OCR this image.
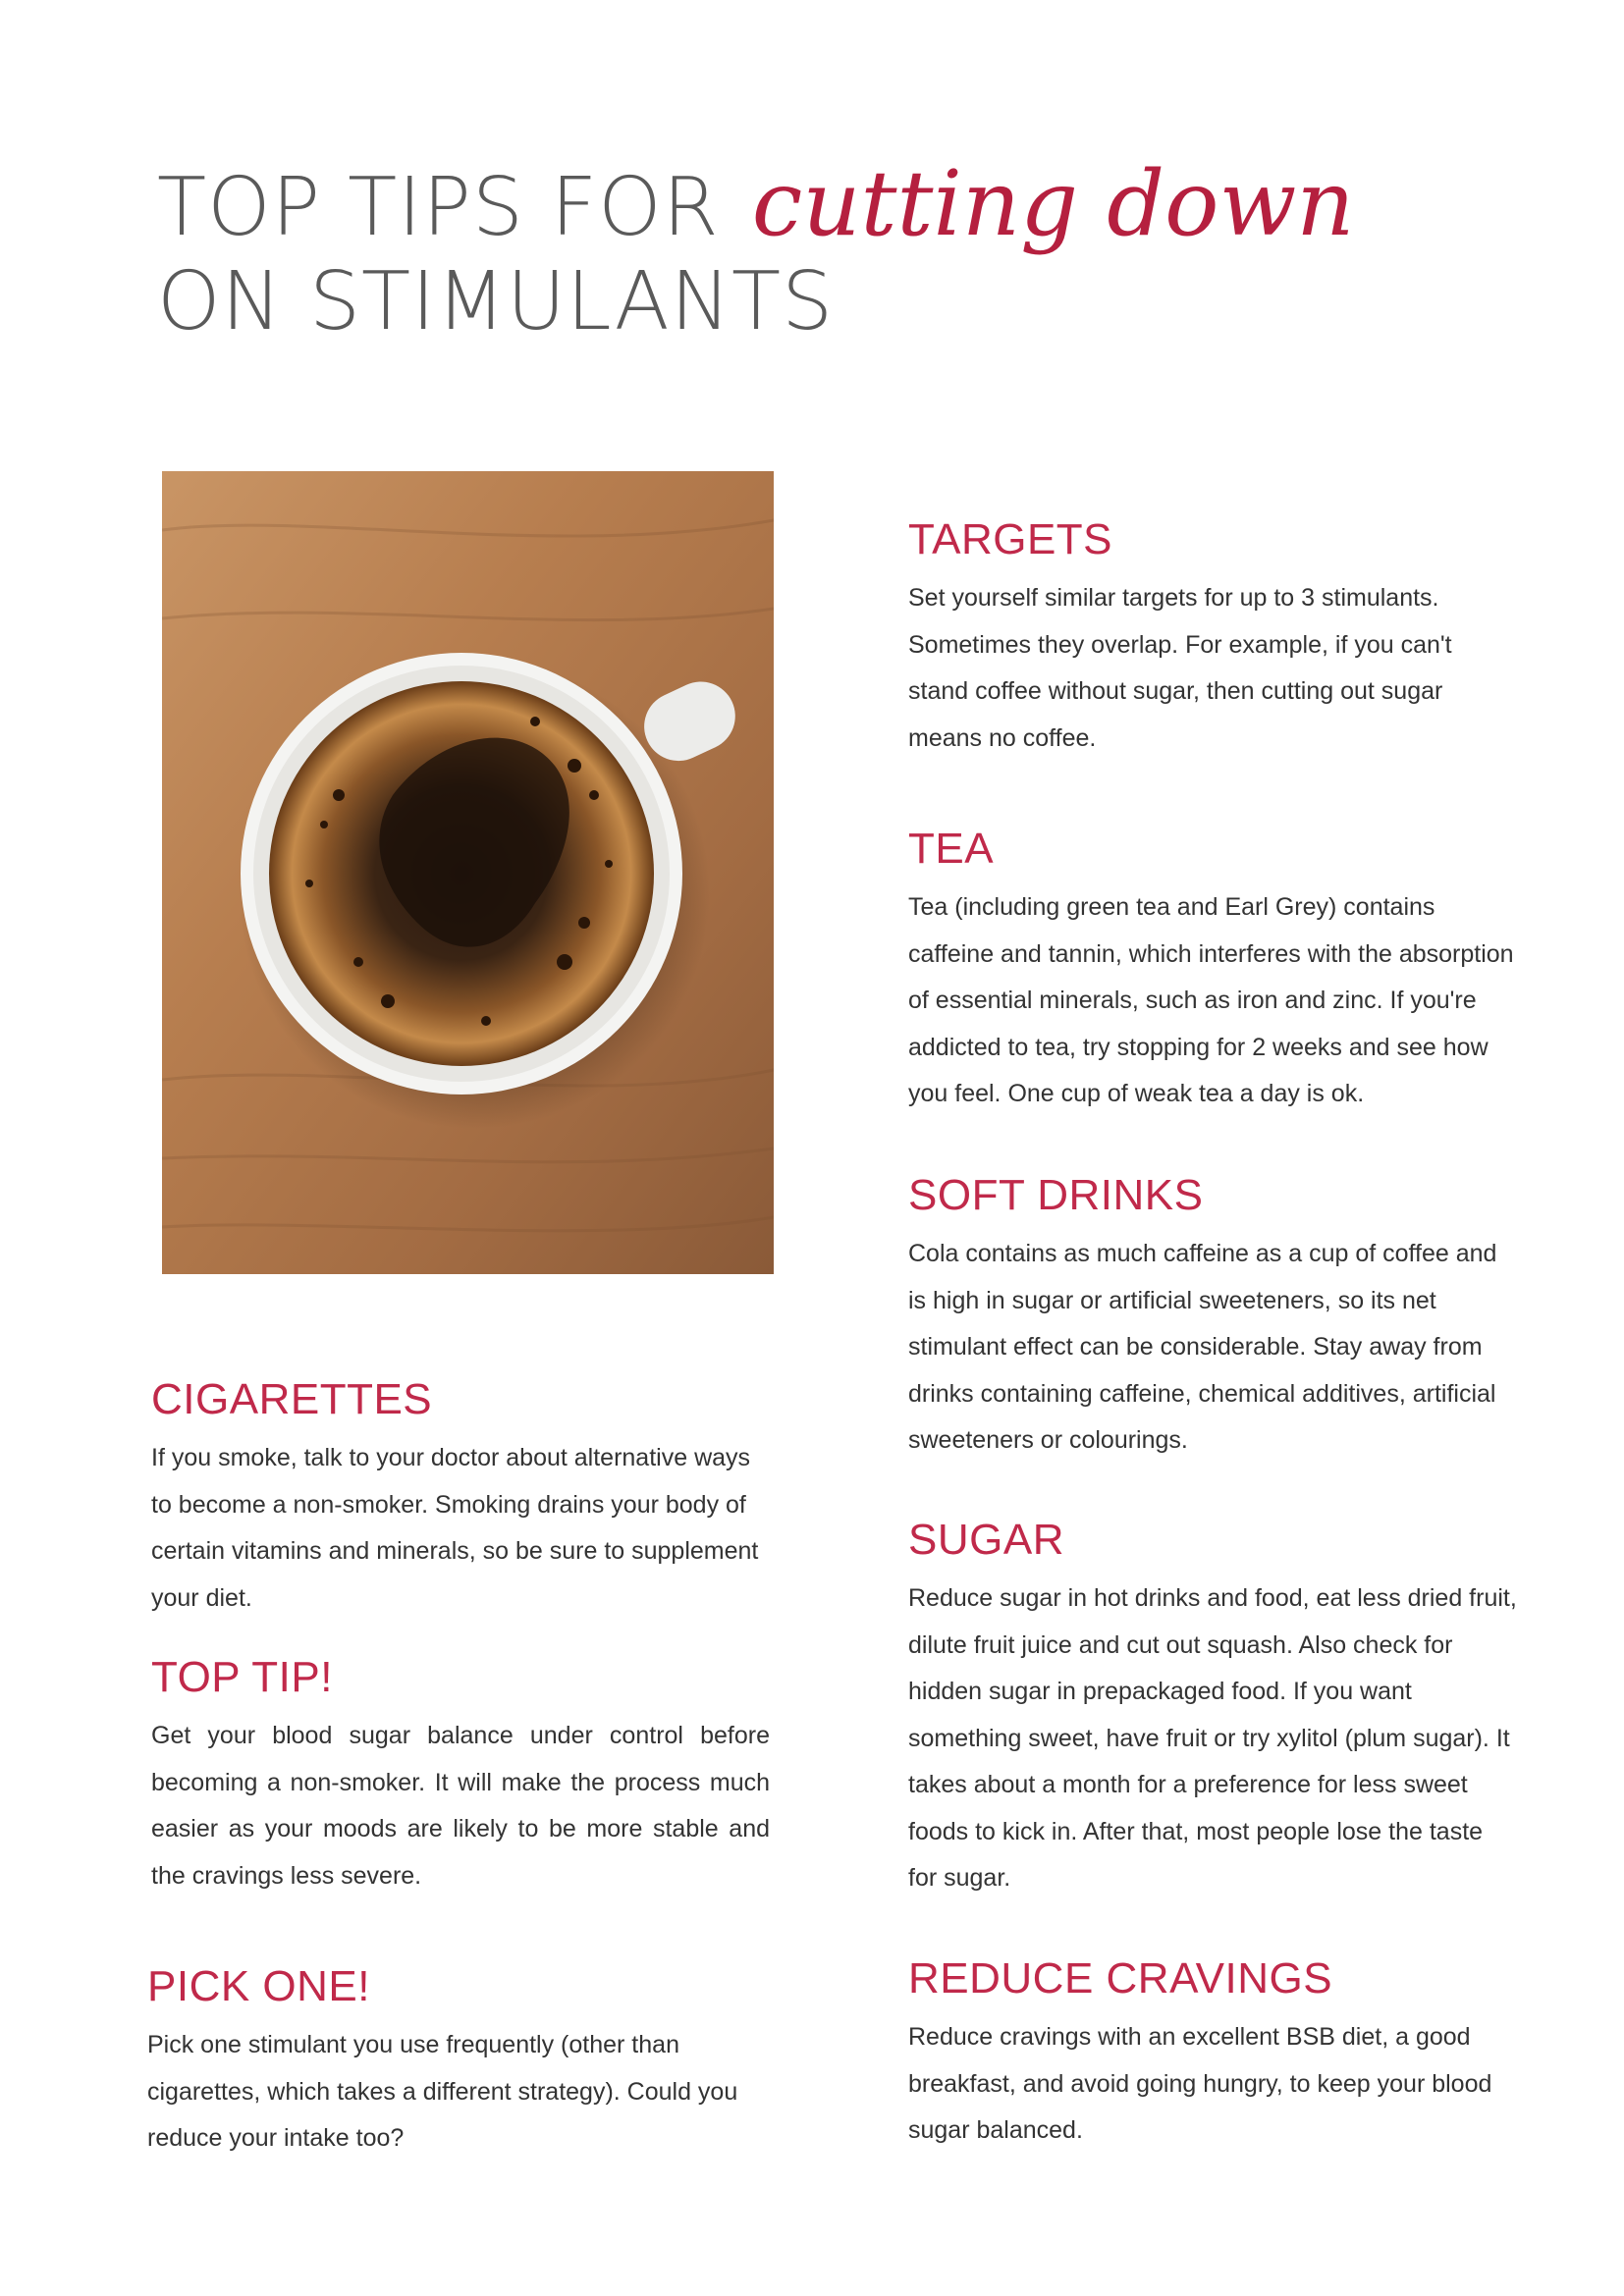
TOP TIPS FOR cutting down
ON STIMULANTS
TARGETS

Set yourself similar targets for up to 3 stimulants. Sometimes they overlap. For example, if you can't stand coffee without sugar, then cutting out sugar means no coffee.

TEA

Tea (including green tea and Earl Grey) contains caffeine and tannin, which interferes with the absorption of essential minerals, such as iron and zinc. If you're addicted to tea, try stopping for 2 weeks and see how you feel. One cup of weak tea a day is ok.

SOFT DRINKS

Cola contains as much caffeine as a cup of coffee and is high in sugar or artificial sweeteners, so its net stimulant effect can be considerable. Stay away from drinks containing caffeine, chemical additives, artificial sweeteners or colourings.

SUGAR

Reduce sugar in hot drinks and food, eat less dried fruit, dilute fruit juice and cut out squash. Also check for hidden sugar in prepackaged food. If you want something sweet, have fruit or try xylitol (plum sugar). It takes about a month for a preference for less sweet foods to kick in. After that, most people lose the taste for sugar.

REDUCE CRAVINGS

Reduce cravings with an excellent BSB diet, a good breakfast, and avoid going hungry, to keep your blood sugar balanced.

CIGARETTES

If you smoke, talk to your doctor about alternative ways to become a non-smoker. Smoking drains your body of certain vitamins and minerals, so be sure to supplement your diet.

TOP TIP!

Get your blood sugar balance under control before becoming a non-smoker. It will make the process much easier as your moods are likely to be more stable and the cravings less severe.

PICK ONE!

Pick one stimulant you use frequently (other than cigarettes, which takes a different strategy). Could you reduce your intake too?
